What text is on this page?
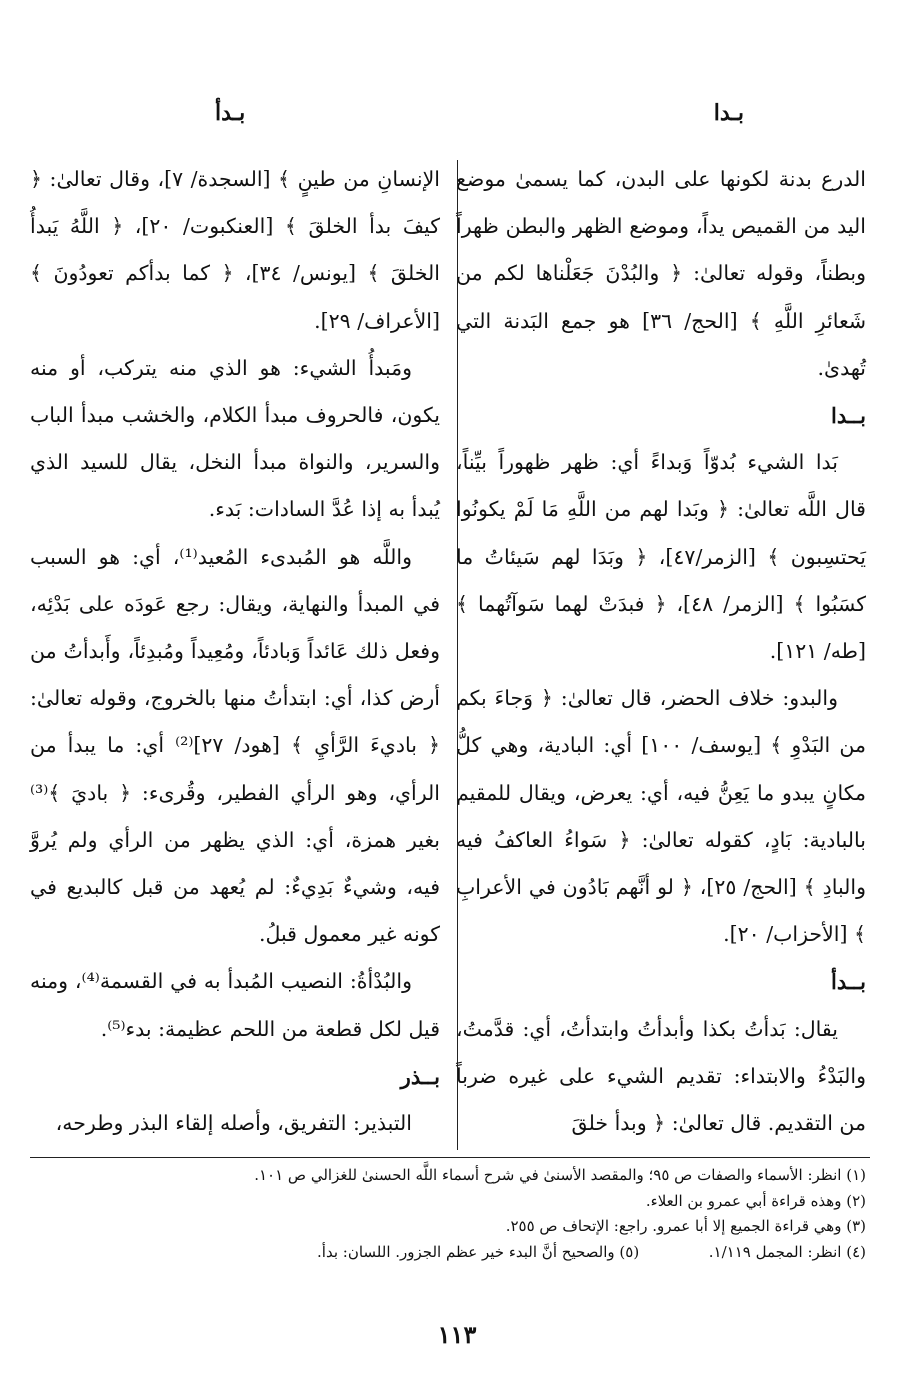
بـدا
بـدأ

الدرع بدنة لكونها على البدن، كما يسمىٰ موضع اليد من القميص يداً، وموضع الظهر والبطن ظهراً وبطناً، وقوله تعالىٰ: ﴿ والبُدْنَ جَعَلْناها لكم من شَعائرِ اللَّهِ ﴾ [الحج/ ٣٦] هو جمع البَدنة التي تُهدىٰ.

بــدا

بَدا الشيء بُدوّاً وَبداءً أي: ظهر ظهوراً بيِّناً، قال اللَّه تعالىٰ: ﴿ وبَدا لهم من اللَّهِ مَا لَمْ يكونُوا يَحتسِبون ﴾ [الزمر/٤٧]، ﴿ وبَدَا لهم سَيئاتُ ما كسَبُوا ﴾ [الزمر/ ٤٨]، ﴿ فبدَتْ لهما سَوآتُهما ﴾ [طه/ ١٢١].

والبدو: خلاف الحضر، قال تعالىٰ: ﴿ وَجاءَ بكم من البَدْوِ ﴾ [يوسف/ ١٠٠] أي: البادية، وهي كلُّ مكانٍ يبدو ما يَعِنُّ فيه، أي: يعرض، ويقال للمقيم بالبادية: بَادٍ، كقوله تعالىٰ: ﴿ سَواءُ العاكفُ فيه والبادِ ﴾ [الحج/ ٢٥]، ﴿ لو أنَّهم بَادُون في الأعرابِ ﴾ [الأحزاب/ ٢٠].

بــدأ

يقال: بَدأتُ بكذا وأبدأتُ وابتدأتُ، أي: قدَّمتُ، والبَدْءُ والابتداء: تقديم الشيء على غيره ضرباً من التقديم. قال تعالىٰ: ﴿ وبدأ خلقَ

الإنسانِ من طينٍ ﴾ [السجدة/ ٧]، وقال تعالىٰ: ﴿ كيفَ بدأ الخلقَ ﴾ [العنكبوت/ ٢٠]، ﴿ اللَّهُ يَبدأُ الخلقَ ﴾ [يونس/ ٣٤]، ﴿ كما بدأكم تعودُونَ ﴾ [الأعراف/ ٢٩].

ومَبدأُ الشيء: هو الذي منه يتركب، أو منه يكون، فالحروف مبدأ الكلام، والخشب مبدأ الباب والسرير، والنواة مبدأ النخل، يقال للسيد الذي يُبدأ به إذا عُدَّ السادات: بَدء.

واللَّه هو المُبدىء المُعيد⁽¹⁾، أي: هو السبب في المبدأ والنهاية، ويقال: رجع عَودَه على بَدْئِه، وفعل ذلك عَائداً وَبادئاً، ومُعِيداً ومُبدِئاً، وأَبدأتُ من أرض كذا، أي: ابتدأتُ منها بالخروج، وقوله تعالىٰ: ﴿ باديءَ الرَّأيِ ﴾ [هود/ ٢٧]⁽²⁾ أي: ما يبدأ من الرأي، وهو الرأي الفطير، وقُرىء: ﴿ باديَ ﴾⁽³⁾ بغير همزة، أي: الذي يظهر من الرأي ولم يُروَّ فيه، وشيءٌ بَدِيءٌ: لم يُعهد من قبل كالبديع في كونه غير معمول قبلُ.

والبُدْأةُ: النصيب المُبدأ به في القسمة⁽⁴⁾، ومنه قيل لكل قطعة من اللحم عظيمة: بدء⁽⁵⁾.

بــذر

التبذير: التفريق، وأصله إلقاء البذر وطرحه،

(١) انظر: الأسماء والصفات ص ٩٥؛ والمقصد الأسنىٰ في شرح أسماء اللَّه الحسنىٰ للغزالي ص ١٠١.
(٢) وهذه قراءة أبي عمرو بن العلاء.
(٣) وهي قراءة الجميع إلا أبا عمرو. راجع: الإتحاف ص ٢٥٥.
(٤) انظر: المجمل ١/١١٩.  (٥) والصحيح أنَّ البدء خير عظم الجزور. اللسان: بدأ.
١١٣
